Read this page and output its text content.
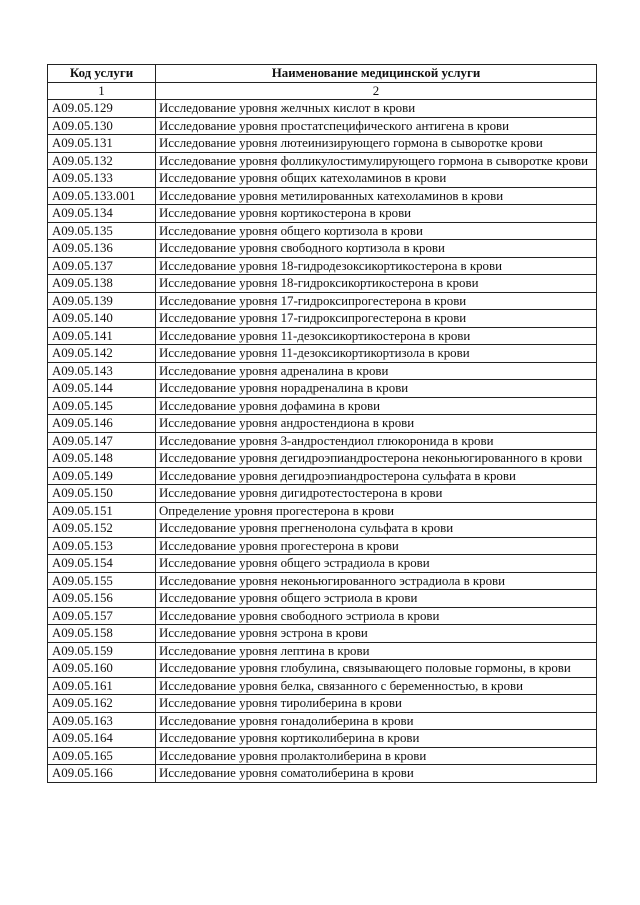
Код услуги	Наименование медицинской услуги
1	2
A09.05.129	Исследование уровня желчных кислот в крови
A09.05.130	Исследование уровня простатспецифического антигена в крови
A09.05.131	Исследование уровня лютеинизирующего гормона в сыворотке крови
A09.05.132	Исследование уровня фолликулостимулирующего гормона в сыворотке крови
A09.05.133	Исследование уровня общих катехоламинов в крови
A09.05.133.001	Исследование уровня метилированных катехоламинов в крови
A09.05.134	Исследование уровня кортикостерона в крови
A09.05.135	Исследование уровня общего кортизола в крови
A09.05.136	Исследование уровня свободного кортизола в крови
A09.05.137	Исследование уровня 18-гидродезоксикортикостерона в крови
A09.05.138	Исследование уровня 18-гидроксикортикостерона в крови
A09.05.139	Исследование уровня 17-гидроксипрогестерона в крови
A09.05.140	Исследование уровня 17-гидроксипрогестерона в крови
A09.05.141	Исследование уровня 11-дезоксикортикостерона в крови
A09.05.142	Исследование уровня 11-дезоксикортикортизола в крови
A09.05.143	Исследование уровня адреналина в крови
A09.05.144	Исследование уровня норадреналина в крови
A09.05.145	Исследование уровня дофамина в крови
A09.05.146	Исследование уровня андростендиона в крови
A09.05.147	Исследование уровня 3-андростендиол глюкоронида в крови
A09.05.148	Исследование уровня дегидроэпиандростерона неконьюгированного в крови
A09.05.149	Исследование уровня дегидроэпиандростерона сульфата в крови
A09.05.150	Исследование уровня дигидротестостерона в крови
A09.05.151	Определение уровня прогестерона в крови
A09.05.152	Исследование уровня прегненолона сульфата в крови
A09.05.153	Исследование уровня прогестерона в крови
A09.05.154	Исследование уровня общего эстрадиола в крови
A09.05.155	Исследование уровня неконьюгированного эстрадиола в крови
A09.05.156	Исследование уровня общего эстриола в крови
A09.05.157	Исследование уровня свободного эстриола в крови
A09.05.158	Исследование уровня эстрона в крови
A09.05.159	Исследование уровня лептина в крови
A09.05.160	Исследование уровня глобулина, связывающего половые гормоны, в крови
A09.05.161	Исследование уровня белка, связанного с беременностью, в крови
A09.05.162	Исследование уровня тиролиберина в крови
A09.05.163	Исследование уровня гонадолиберина в крови
A09.05.164	Исследование уровня кортиколиберина в крови
A09.05.165	Исследование уровня пролактолиберина в крови
A09.05.166	Исследование уровня соматолиберина в крови
